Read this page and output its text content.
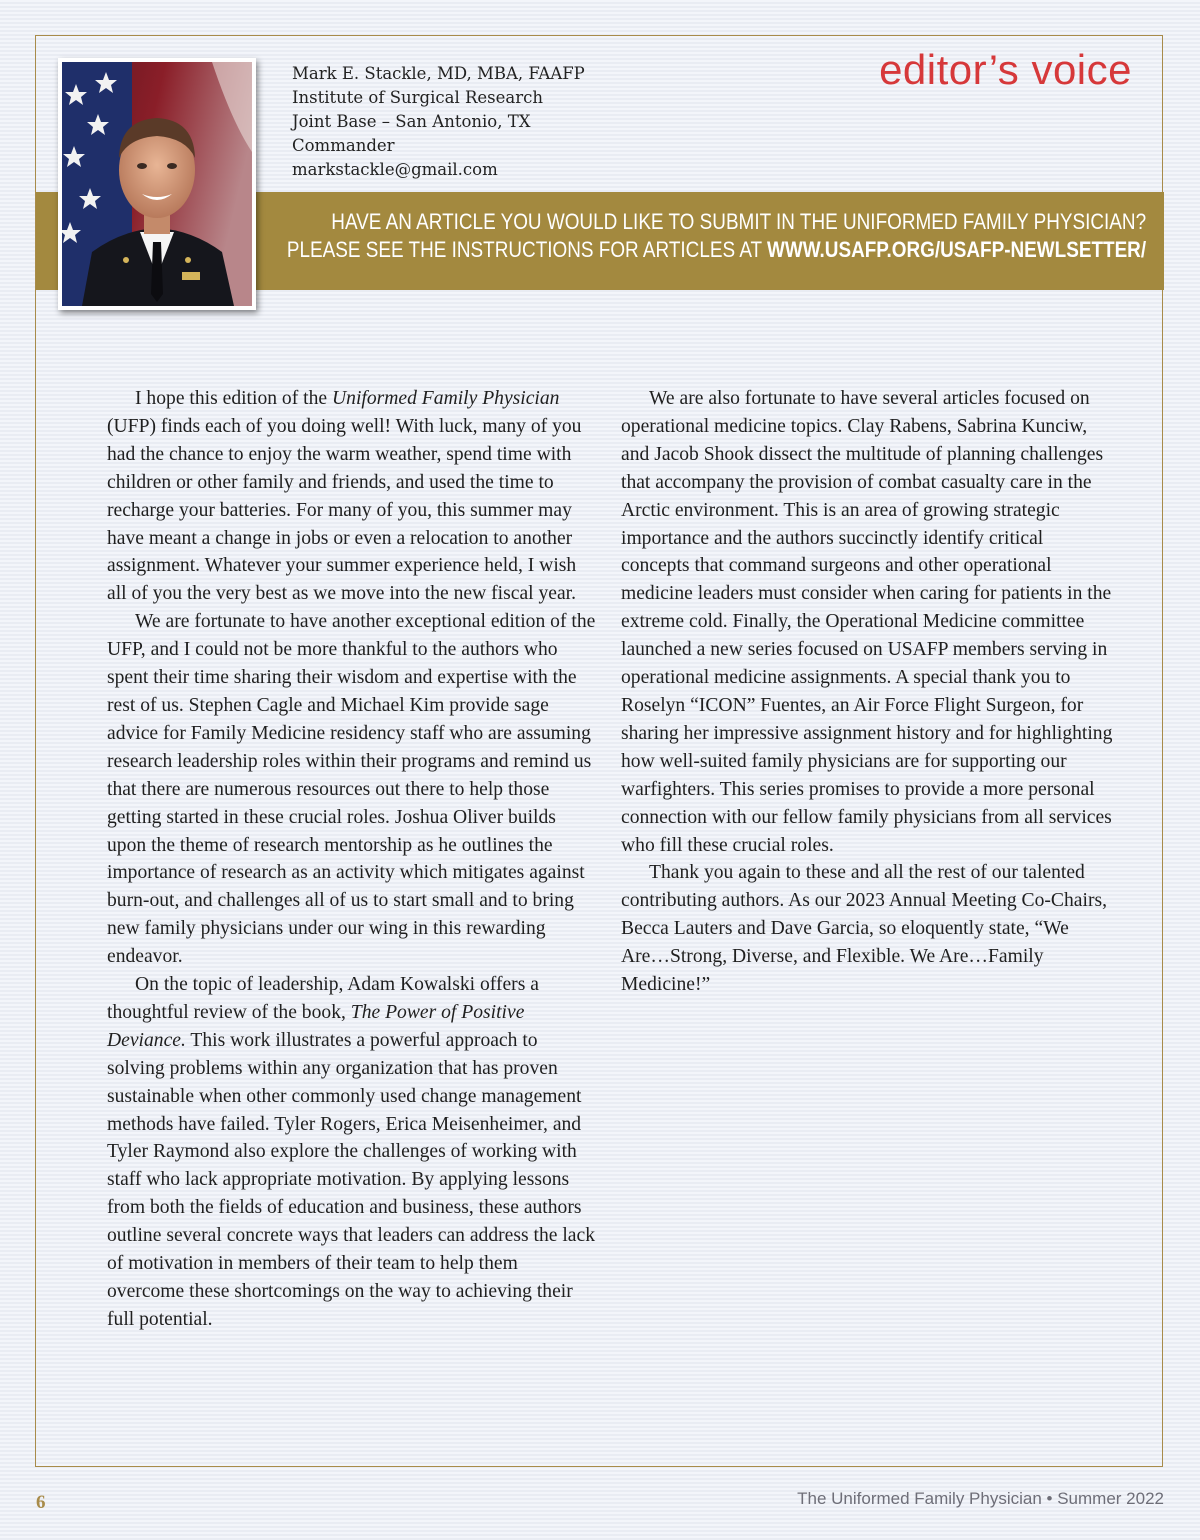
HAVE AN ARTICLE YOU WOULD LIKE TO SUBMIT IN THE UNIFORMED FAMILY PHYSICIAN?
PLEASE SEE THE INSTRUCTIONS FOR ARTICLES AT WWW.USAFP.ORG/USAFP-NEWLSETTER/
Mark E. Stackle, MD, MBA, FAAFP
Institute of Surgical Research
Joint Base – San Antonio, TX
Commander
markstackle@gmail.com
editor’s voice

I hope this edition of the Uniformed Family Physician (UFP) finds each of you doing well! With luck, many of you had the chance to enjoy the warm weather, spend time with children or other family and friends, and used the time to recharge your batteries. For many of you, this summer may have meant a change in jobs or even a relocation to another assignment. Whatever your summer experience held, I wish all of you the very best as we move into the new fiscal year.

We are fortunate to have another exceptional edition of the UFP, and I could not be more thankful to the authors who spent their time sharing their wisdom and expertise with the rest of us. Stephen Cagle and Michael Kim provide sage advice for Family Medicine residency staff who are assuming research leadership roles within their programs and remind us that there are numerous resources out there to help those getting started in these crucial roles. Joshua Oliver builds upon the theme of research mentorship as he outlines the importance of research as an activity which mitigates against burn-out, and challenges all of us to start small and to bring new family physicians under our wing in this rewarding endeavor.

On the topic of leadership, Adam Kowalski offers a thoughtful review of the book, The Power of Positive Deviance. This work illustrates a powerful approach to solving problems within any organization that has proven sustainable when other commonly used change management methods have failed. Tyler Rogers, Erica Meisenheimer, and Tyler Raymond also explore the challenges of working with staff who lack appropriate motivation. By applying lessons from both the fields of education and business, these authors outline several concrete ways that leaders can address the lack of motivation in members of their team to help them overcome these shortcomings on the way to achieving their full potential.

We are also fortunate to have several articles focused on operational medicine topics. Clay Rabens, Sabrina Kunciw, and Jacob Shook dissect the multitude of planning challenges that accompany the provision of combat casualty care in the Arctic environment. This is an area of growing strategic importance and the authors succinctly identify critical concepts that command surgeons and other operational medicine leaders must consider when caring for patients in the extreme cold. Finally, the Operational Medicine committee launched a new series focused on USAFP members serving in operational medicine assignments. A special thank you to Roselyn “ICON” Fuentes, an Air Force Flight Surgeon, for sharing her impressive assignment history and for highlighting how well-suited family physicians are for supporting our warfighters. This series promises to provide a more personal connection with our fellow family physicians from all services who fill these crucial roles.

Thank you again to these and all the rest of our talented contributing authors. As our 2023 Annual Meeting Co-Chairs, Becca Lauters and Dave Garcia, so eloquently state, “We Are…Strong, Diverse, and Flexible. We Are…Family Medicine!”

6	The Uniformed Family Physician • Summer 2022
